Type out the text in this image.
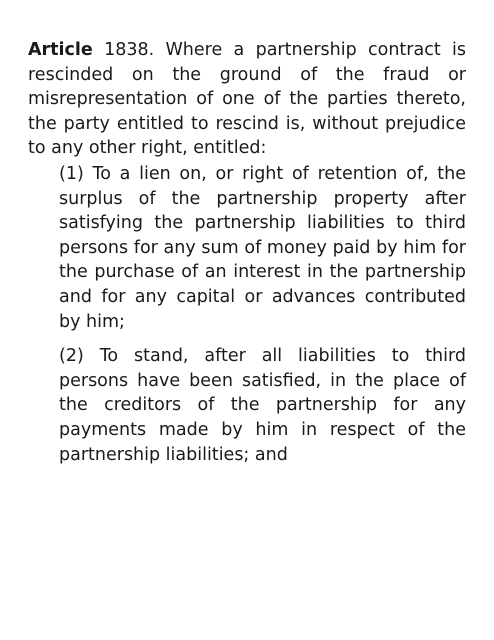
Article 1838. Where a partnership contract is rescinded on the ground of the fraud or misrepresentation of one of the parties thereto, the party entitled to rescind is, without prejudice to any other right, entitled:

(1) To a lien on, or right of retention of, the surplus of the partnership property after satisfying the partnership liabilities to third persons for any sum of money paid by him for the purchase of an interest in the partnership and for any capital or advances contributed by him;
(2) To stand, after all liabilities to third persons have been satisfied, in the place of the creditors of the partnership for any payments made by him in respect of the partnership liabilities; and
